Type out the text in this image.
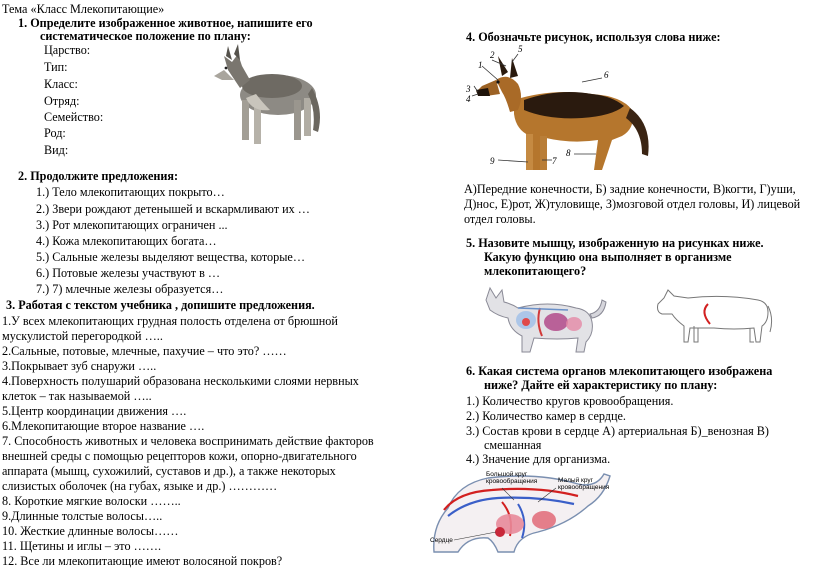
Тема «Класс Млекопитающие»
1. Определите изображенное животное, напишите его
систематическое положение по плану:
Царство:
Тип:
Класс:
Отряд:
Семейство:
Род:
Вид:
2. Продолжите предложения:
1.) Тело млекопитающих покрыто…
2.) Звери рождают детенышей и вскармливают их …
3.) Рот млекопитающих ограничен ...
4.) Кожа млекопитающих богата…
5.) Сальные железы выделяют вещества, которые…
6.) Потовые железы участвуют в …
7.) 7) млечные железы образуется…
3. Работая с текстом учебника , допишите предложения.
1.У всех млекопитающих грудная полость отделена от брюшной
мускулистой перегородкой …..
2.Сальные, потовые, млечные, пахучие – что это? ……
3.Покрывает зуб снаружи …..
4.Поверхность полушарий образована несколькими слоями нервных
клеток – так называемой …..
5.Центр координации движения ….
6.Млекопитающие второе название ….
7. Способность животных и человека воспринимать действие факторов
внешней среды с помощью рецепторов кожи, опорно-двигательного
аппарата (мышц, сухожилий, суставов и др.), а также некоторых
слизистых оболочек (на губах, языке и др.) …………
8. Короткие мягкие волоски ……..
9.Длинные толстые волосы…..
10. Жесткие длинные волосы……
11. Щетины и иглы – это …….
12. Все ли млекопитающие имеют волосяной покров?
4. Обозначьте рисунок, используя слова ниже:
1
2
3
4
5
6
7
8
9
А)Передние конечности, Б) задние конечности, В)когти, Г)уши,
Д)нос, Е)рот, Ж)туловище, З)мозговой отдел головы, И) лицевой
отдел головы.
5. Назовите мышцу, изображенную на рисунках ниже.
Какую функцию она выполняет в организме
млекопитающего?
6. Какая система органов млекопитающего изображена
ниже? Дайте ей характеристику по плану:
1.) Количество кругов кровообращения.
2.) Количество камер в сердце.
3.) Состав крови в сердце А) артериальная Б)_венозная В)
смешанная
4.) Значение для организма.
Большой круг
кровообращения	Малый круг
кровообращения
Сердце
